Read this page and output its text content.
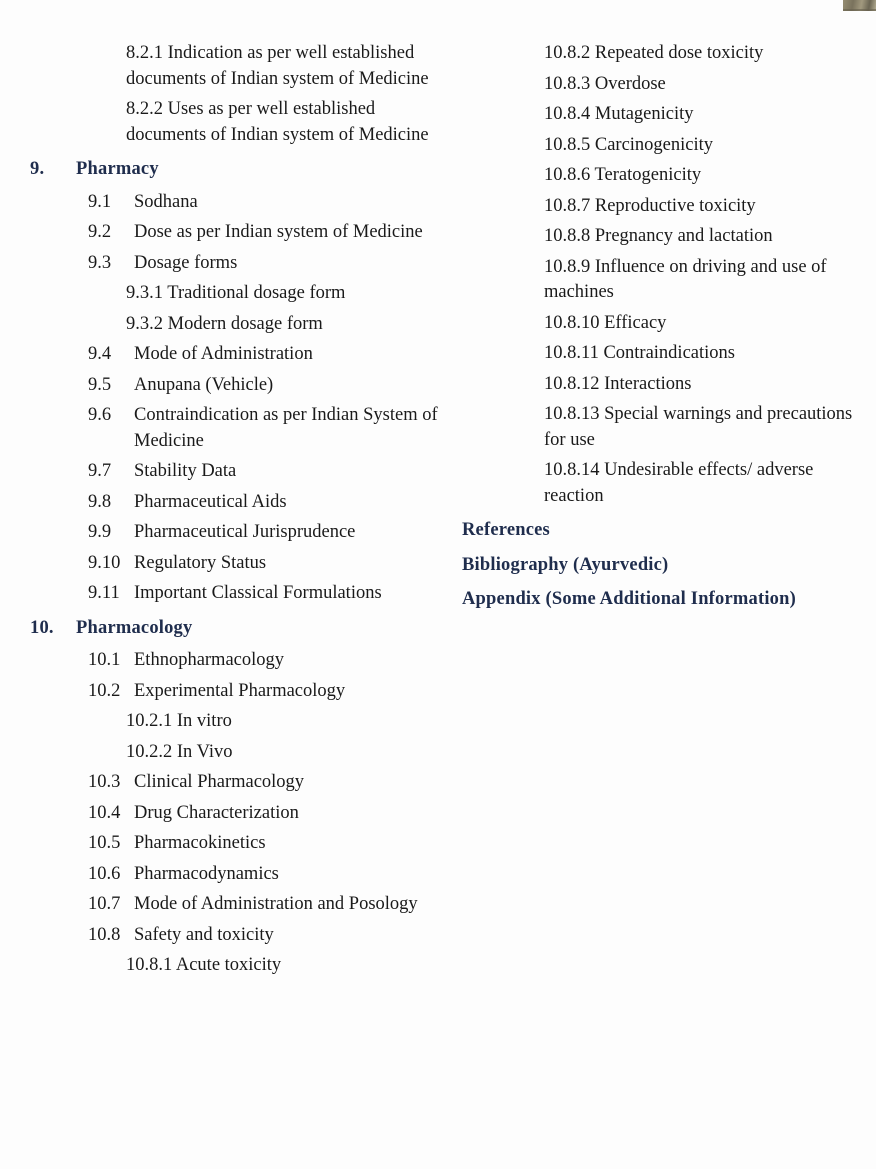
8.2.1 Indication as per well established documents of Indian system of Medicine
8.2.2 Uses as per well established documents of Indian system of Medicine
9.	Pharmacy
9.1	Sodhana
9.2	Dose as per Indian system of Medicine
9.3	Dosage forms
9.3.1 Traditional dosage form
9.3.2 Modern dosage form
9.4	Mode of Administration
9.5	Anupana (Vehicle)
9.6	Contraindication as per Indian System of Medicine
9.7	Stability Data
9.8	Pharmaceutical Aids
9.9	Pharmaceutical Jurisprudence
9.10 Regulatory Status
9.11 Important Classical Formulations
10.	Pharmacology
10.1 Ethnopharmacology
10.2 Experimental Pharmacology
10.2.1 In vitro
10.2.2 In Vivo
10.3 Clinical Pharmacology
10.4 Drug Characterization
10.5 Pharmacokinetics
10.6 Pharmacodynamics
10.7 Mode of Administration and Posology
10.8 Safety and toxicity
10.8.1 Acute toxicity
10.8.2 Repeated dose toxicity
10.8.3 Overdose
10.8.4 Mutagenicity
10.8.5 Carcinogenicity
10.8.6 Teratogenicity
10.8.7 Reproductive toxicity
10.8.8 Pregnancy and lactation
10.8.9 Influence on driving and use of machines
10.8.10 Efficacy
10.8.11 Contraindications
10.8.12 Interactions
10.8.13 Special warnings and precautions for use
10.8.14 Undesirable effects/ adverse reaction
References
Bibliography (Ayurvedic)
Appendix (Some Additional Information)
